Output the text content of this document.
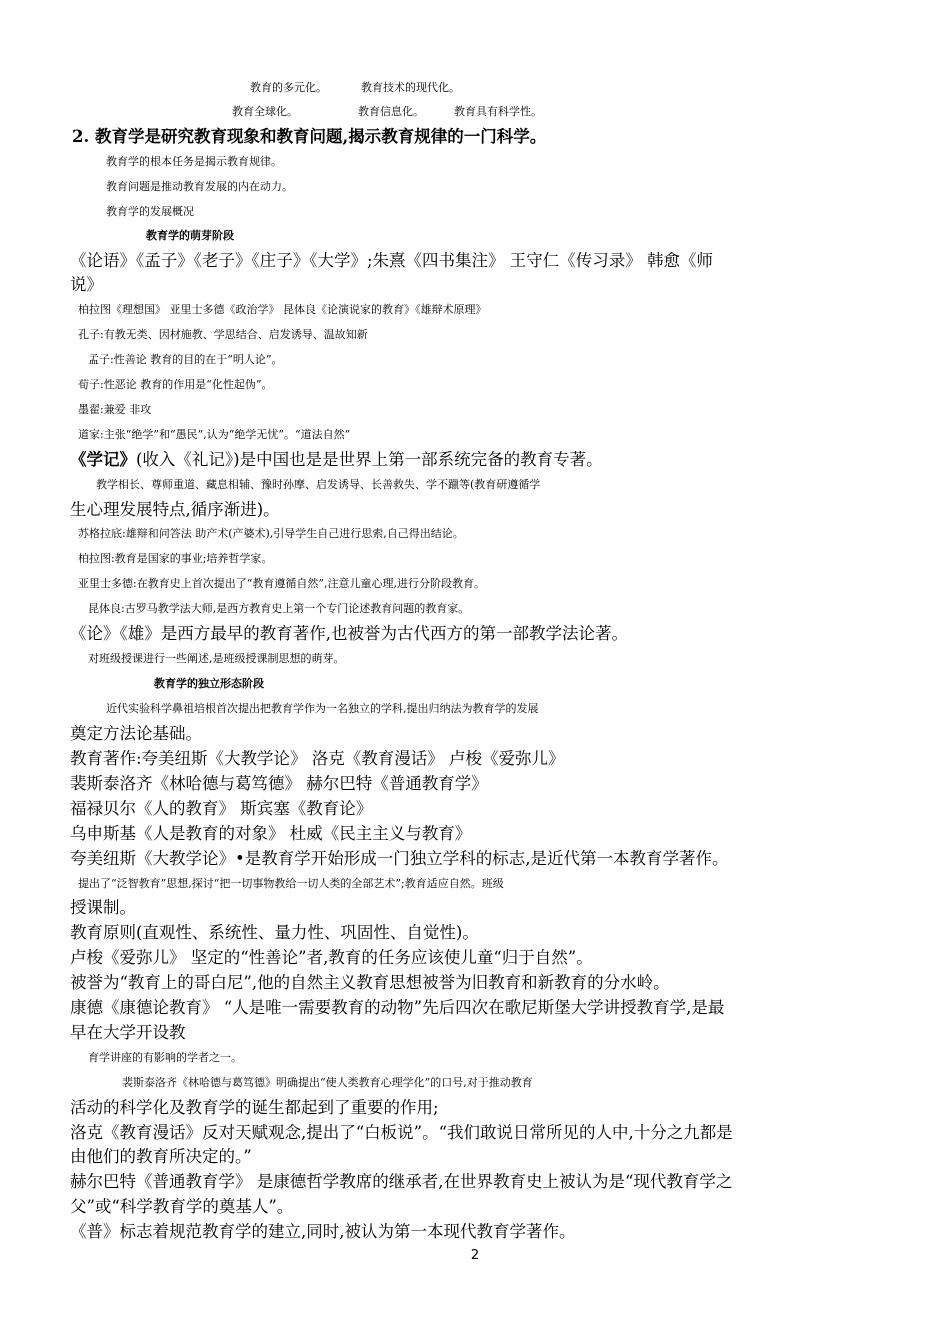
教育的多元化。	教育技术的现代化。
教育全球化。	教育信息化。	教育具有科学性。
2. 教育学是研究教育现象和教育问题,揭示教育规律的一门科学。
教育学的根本任务是揭示教育规律。
教育问题是推动教育发展的内在动力。
教育学的发展概况
教育学的萌芽阶段
《论语》《孟子》《老子》《庄子》《大学》;朱熹《四书集注》 王守仁《传习录》 韩愈《师
说》
柏拉图《理想国》 亚里士多德《政治学》 昆体良《论演说家的教育》《雄辩术原理》
孔子:有教无类、因材施教、学思结合、启发诱导、温故知新
孟子:性善论 教育的目的在于“明人论”。
荀子:性恶论 教育的作用是“化性起伪”。
墨翟:兼爱 非攻
道家:主张“绝学”和“愚民”,认为“绝学无忧”。“道法自然”
《学记》(收入《礼记》)是中国也是是世界上第一部系统完备的教育专著。
教学相长、尊师重道、藏息相辅、豫时孙摩、启发诱导、长善救失、学不躐等(教育研遵循学
生心理发展特点,循序渐进)。
苏格拉底:雄辩和问答法 助产术(产婆术),引导学生自己进行思索,自己得出结论。
柏拉图:教育是国家的事业;培养哲学家。
亚里士多德:在教育史上首次提出了“教育遵循自然”,注意儿童心理,进行分阶段教育。
昆体良:古罗马教学法大师,是西方教育史上第一个专门论述教育问题的教育家。
《论》《雄》是西方最早的教育著作,也被誉为古代西方的第一部教学法论著。
对班级授课进行一些阐述,是班级授课制思想的萌芽。
教育学的独立形态阶段
近代实验科学鼻祖培根首次提出把教育学作为一名独立的学科,提出归纳法为教育学的发展
奠定方法论基础。
教育著作:夸美纽斯《大教学论》 洛克《教育漫话》 卢梭《爱弥儿》
裴斯泰洛齐《林哈德与葛笃德》 赫尔巴特《普通教育学》
福禄贝尔《人的教育》 斯宾塞《教育论》
乌申斯基《人是教育的对象》 杜威《民主主义与教育》
夸美纽斯《大教学论》•是教育学开始形成一门独立学科的标志,是近代第一本教育学著作。
提出了“泛智教育”思想,探讨“把一切事物教给一切人类的全部艺术”;教育适应自然。班级
授课制。
教育原则(直观性、系统性、量力性、巩固性、自觉性)。
卢梭《爱弥儿》 坚定的“性善论”者,教育的任务应该使儿童“归于自然”。
被誉为“教育上的哥白尼”,他的自然主义教育思想被誉为旧教育和新教育的分水岭。
康德《康德论教育》 “人是唯一需要教育的动物”先后四次在歌尼斯堡大学讲授教育学,是最
早在大学开设教
育学讲座的有影响的学者之一。
裴斯泰洛齐《林哈德与葛笃德》明确提出“使人类教育心理学化”的口号,对于推动教育
活动的科学化及教育学的诞生都起到了重要的作用;
洛克《教育漫话》反对天赋观念,提出了“白板说”。“我们敢说日常所见的人中,十分之九都是
由他们的教育所决定的。”
赫尔巴特《普通教育学》 是康德哲学教席的继承者,在世界教育史上被认为是“现代教育学之
父”或“科学教育学的奠基人”。
《普》标志着规范教育学的建立,同时,被认为第一本现代教育学著作。
2
